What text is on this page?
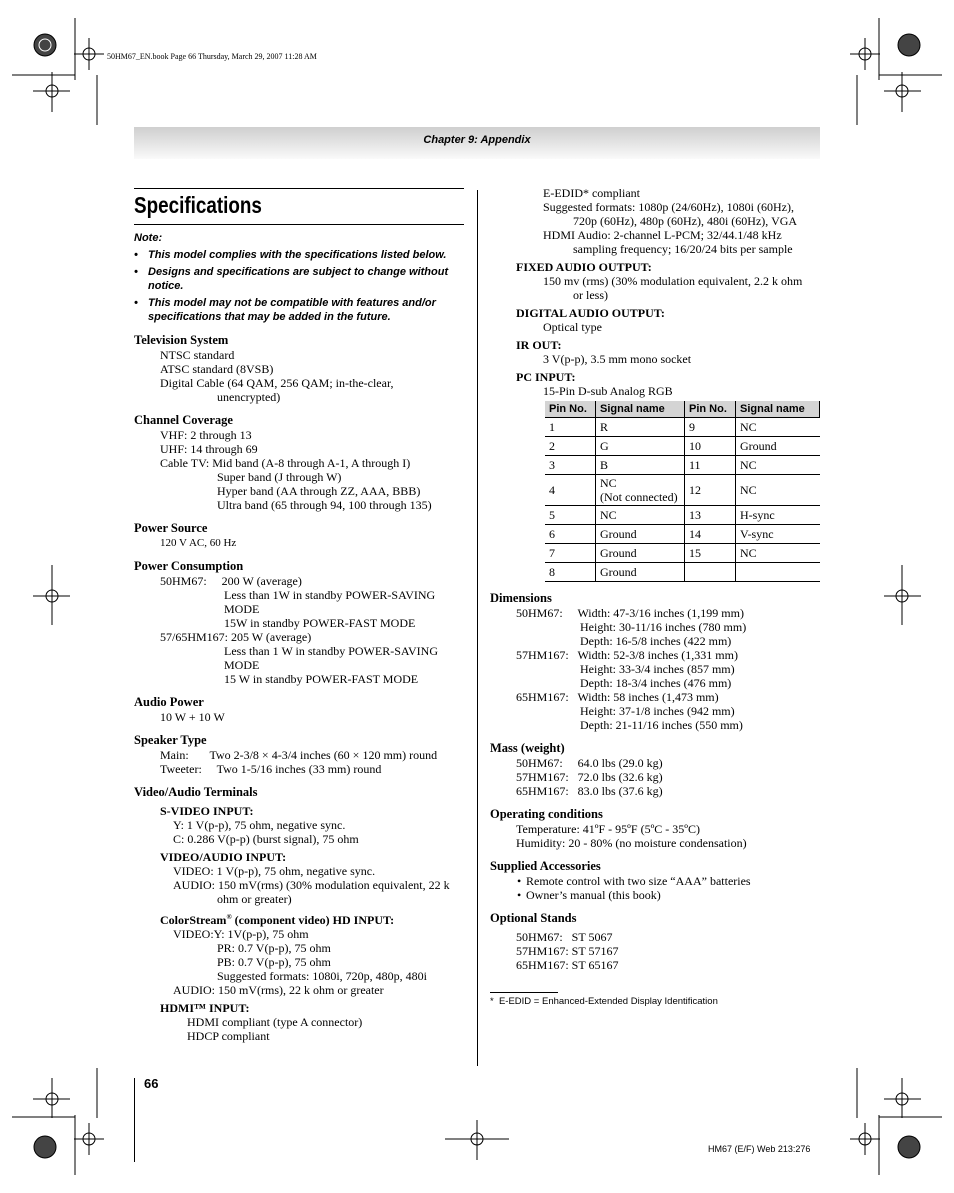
50HM67_EN.book Page 66 Thursday, March 29, 2007 11:28 AM
Chapter 9: Appendix
Specifications
Note:
• This model complies with the specifications listed below.
• Designs and specifications are subject to change without notice.
• This model may not be compatible with features and/or specifications that may be added in the future.
Television System
NTSC standard
ATSC standard (8VSB)
Digital Cable (64 QAM, 256 QAM; in-the-clear,
unencrypted)
Channel Coverage
VHF: 2 through 13
UHF: 14 through 69
Cable TV: Mid band (A-8 through A-1, A through I)
Super band (J through W)
Hyper band (AA through ZZ, AAA, BBB)
Ultra band (65 through 94, 100 through 135)
Power Source
120 V AC, 60 Hz
Power Consumption
50HM67:     200 W (average)
Less than 1W in standby POWER-SAVING
MODE
15W in standby POWER-FAST MODE
57/65HM167: 205 W (average)
Less than 1 W in standby POWER-SAVING
MODE
15 W in standby POWER-FAST MODE
Audio Power
10 W + 10 W
Speaker Type
Main:       Two 2-3/8 × 4-3/4 inches (60 × 120 mm) round
Tweeter:     Two 1-5/16 inches (33 mm) round
Video/Audio Terminals
S-VIDEO INPUT:
Y: 1 V(p-p), 75 ohm, negative sync.
C: 0.286 V(p-p) (burst signal), 75 ohm
VIDEO/AUDIO INPUT:
VIDEO: 1 V(p-p), 75 ohm, negative sync.
AUDIO: 150 mV(rms) (30% modulation equivalent, 22 k
ohm or greater)
ColorStream® (component video) HD INPUT:
VIDEO:Y: 1V(p-p), 75 ohm
PR: 0.7 V(p-p), 75 ohm
PB: 0.7 V(p-p), 75 ohm
Suggested formats: 1080i, 720p, 480p, 480i
AUDIO: 150 mV(rms), 22 k ohm or greater
HDMI™ INPUT:
HDMI compliant (type A connector)
HDCP compliant
E-EDID* compliant
Suggested formats: 1080p (24/60Hz), 1080i (60Hz),
720p (60Hz), 480p (60Hz), 480i (60Hz), VGA
HDMI Audio: 2-channel L-PCM; 32/44.1/48 kHz
sampling frequency; 16/20/24 bits per sample
FIXED AUDIO OUTPUT:
150 mv (rms) (30% modulation equivalent, 2.2 k ohm
or less)
DIGITAL AUDIO OUTPUT:
Optical type
IR OUT:
3 V(p-p), 3.5 mm mono socket
PC INPUT:
15-Pin D-sub Analog RGB
Pin No.	Signal name	Pin No.	Signal name
1	R	9	NC
2	G	10	Ground
3	B	11	NC
4	NC
(Not connected)	12	NC
5	NC	13	H-sync
6	Ground	14	V-sync
7	Ground	15	NC
8	Ground		
Dimensions
50HM67:     Width: 47-3/16 inches (1,199 mm)
Height: 30-11/16 inches (780 mm)
Depth: 16-5/8 inches (422 mm)
57HM167:   Width: 52-3/8 inches (1,331 mm)
Height: 33-3/4 inches (857 mm)
Depth: 18-3/4 inches (476 mm)
65HM167:   Width: 58 inches (1,473 mm)
Height: 37-1/8 inches (942 mm)
Depth: 21-11/16 inches (550 mm)
Mass (weight)
50HM67:     64.0 lbs (29.0 kg)
57HM167:   72.0 lbs (32.6 kg)
65HM167:   83.0 lbs (37.6 kg)
Operating conditions
Temperature: 41ºF - 95ºF (5ºC - 35ºC)
Humidity: 20 - 80% (no moisture condensation)
Supplied Accessories
• Remote control with two size “AAA” batteries
• Owner’s manual (this book)
Optional Stands
50HM67:   ST 5067
57HM167: ST 57167
65HM167: ST 65167
*  E-EDID = Enhanced-Extended Display Identification
66
HM67 (E/F) Web 213:276
